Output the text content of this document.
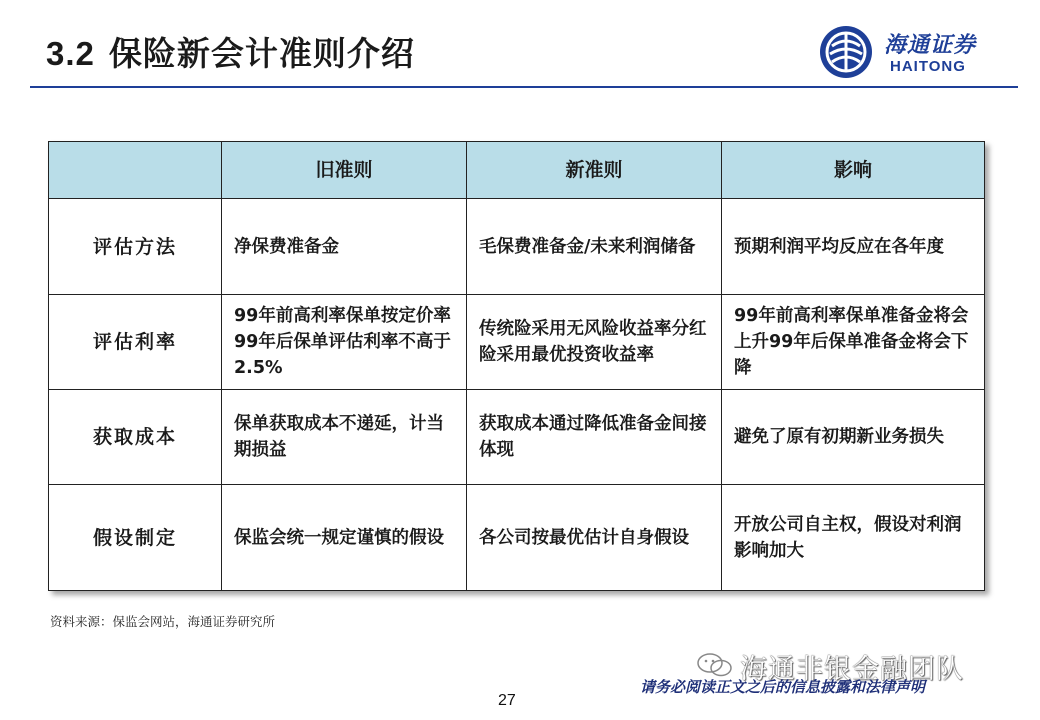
3.2 保险新会计准则介绍	海通证券
HAITONG
	旧准则	新准则	影响
评估方法	净保费准备金	毛保费准备金/未来利润储备	预期利润平均反应在各年度
评估利率	99年前高利率保单按定价率99年后保单评估利率不高于2.5%	传统险采用无风险收益率分红险采用最优投资收益率	99年前高利率保单准备金将会上升99年后保单准备金将会下降
获取成本	保单获取成本不递延，计当期损益	获取成本通过降低准备金间接体现	避免了原有初期新业务损失
假设制定	保监会统一规定谨慎的假设	各公司按最优估计自身假设	开放公司自主权，假设对利润影响加大
资料来源：保监会网站，海通证券研究所
海通非银金融团队
请务必阅读正文之后的信息披露和法律声明
27
